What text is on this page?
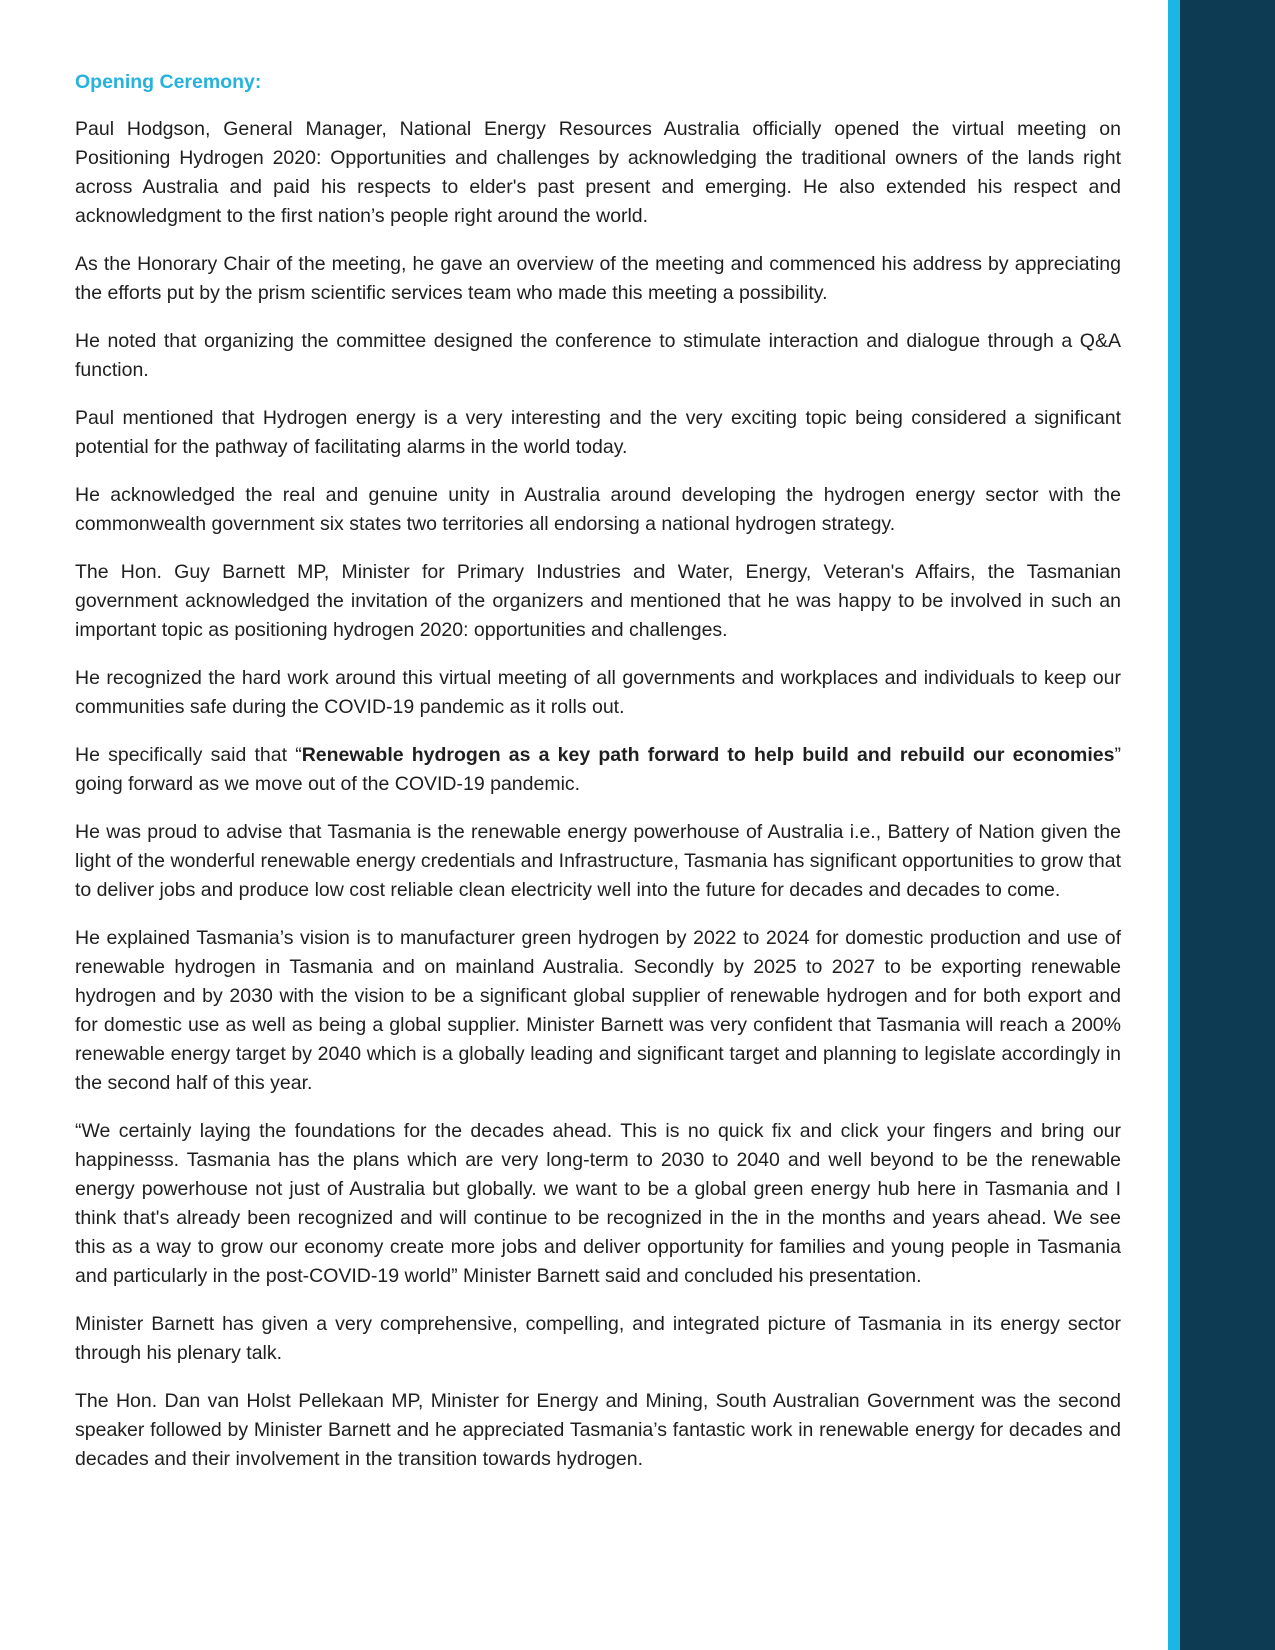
Opening Ceremony:

Paul Hodgson, General Manager, National Energy Resources Australia officially opened the virtual meeting on Positioning Hydrogen 2020: Opportunities and challenges by acknowledging the traditional owners of the lands right across Australia and paid his respects to elder's past present and emerging. He also extended his respect and acknowledgment to the first nation’s people right around the world.

As the Honorary Chair of the meeting, he gave an overview of the meeting and commenced his address by appreciating the efforts put by the prism scientific services team who made this meeting a possibility.

He noted that organizing the committee designed the conference to stimulate interaction and dialogue through a Q&A function.

Paul mentioned that Hydrogen energy is a very interesting and the very exciting topic being considered a significant potential for the pathway of facilitating alarms in the world today.

He acknowledged the real and genuine unity in Australia around developing the hydrogen energy sector with the commonwealth government six states two territories all endorsing a national hydrogen strategy.

The Hon. Guy Barnett MP, Minister for Primary Industries and Water, Energy, Veteran's Affairs, the Tasmanian government acknowledged the invitation of the organizers and mentioned that he was happy to be involved in such an important topic as positioning hydrogen 2020: opportunities and challenges.

He recognized the hard work around this virtual meeting of all governments and workplaces and individuals to keep our communities safe during the COVID-19 pandemic as it rolls out.

He specifically said that “Renewable hydrogen as a key path forward to help build and rebuild our economies” going forward as we move out of the COVID-19 pandemic.

He was proud to advise that Tasmania is the renewable energy powerhouse of Australia i.e., Battery of Nation given the light of the wonderful renewable energy credentials and Infrastructure, Tasmania has significant opportunities to grow that to deliver jobs and produce low cost reliable clean electricity well into the future for decades and decades to come.

He explained Tasmania’s vision is to manufacturer green hydrogen by 2022 to 2024 for domestic production and use of renewable hydrogen in Tasmania and on mainland Australia. Secondly by 2025 to 2027 to be exporting renewable hydrogen and by 2030 with the vision to be a significant global supplier of renewable hydrogen and for both export and for domestic use as well as being a global supplier. Minister Barnett was very confident that Tasmania will reach a 200% renewable energy target by 2040 which is a globally leading and significant target and planning to legislate accordingly in the second half of this year.

“We certainly laying the foundations for the decades ahead. This is no quick fix and click your fingers and bring our happinesss. Tasmania has the plans which are very long-term to 2030 to 2040 and well beyond to be the renewable energy powerhouse not just of Australia but globally. we want to be a global green energy hub here in Tasmania and I think that's already been recognized and will continue to be recognized in the in the months and years ahead. We see this as a way to grow our economy create more jobs and deliver opportunity for families and young people in Tasmania and particularly in the post-COVID-19 world” Minister Barnett said and concluded his presentation.

Minister Barnett has given a very comprehensive, compelling, and integrated picture of Tasmania in its energy sector through his plenary talk.

The Hon. Dan van Holst Pellekaan MP, Minister for Energy and Mining, South Australian Government was the second speaker followed by Minister Barnett and he appreciated Tasmania’s fantastic work in renewable energy for decades and decades and their involvement in the transition towards hydrogen.
